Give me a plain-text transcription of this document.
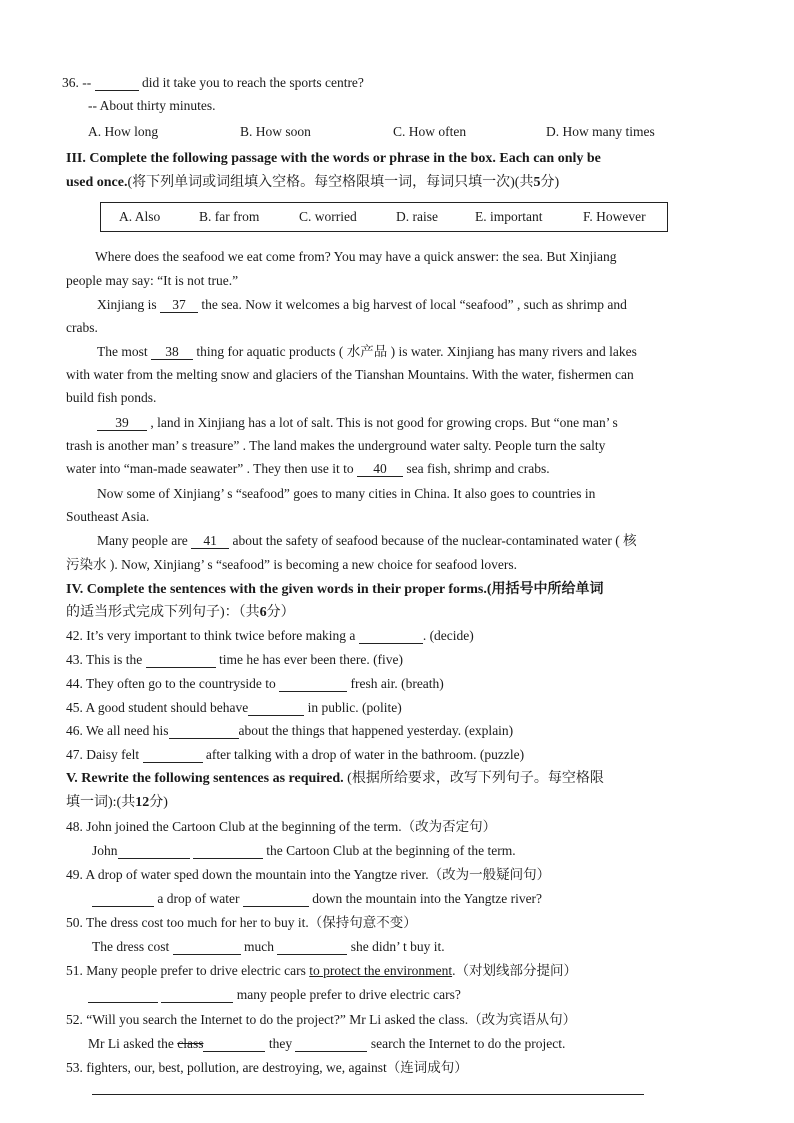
36. --	did it take you to reach the sports centre?
-- About thirty minutes.
A. How long	B. How soon	C. How often	D. How many times
III. Complete the following passage with the words or phrase in the box. Each can only be
used once.(将下列单词或词组填入空格。每空格限填一词，每词只填一次)(共5分)
A. Also	B. far from	C. worried	D. raise	E. important	F. However
Where does the seafood we eat come from? You may have a quick answer: the sea. But Xinjiang
people may say: “It is not true.”
Xinjiang is 37 the sea. Now it welcomes a big harvest of local “seafood” , such as shrimp and
crabs.
The most 38 thing for aquatic products ( 水产品 ) is water. Xinjiang has many rivers and lakes
with water from the melting snow and glaciers of the Tianshan Mountains. With the water, fishermen can
build fish ponds.
39 , land in Xinjiang has a lot of salt. This is not good for growing crops. But “one man’ s
trash is another man’ s treasure” . The land makes the underground water salty. People turn the salty
water into “man-made seawater” . They then use it to 40 sea fish, shrimp and crabs.
Now some of Xinjiang’ s “seafood” goes to many cities in China. It also goes to countries in
Southeast Asia.
Many people are 41 about the safety of seafood because of the nuclear-contaminated water ( 核
污染水 ). Now, Xinjiang’ s “seafood” is becoming a new choice for seafood lovers.
IV. Complete the sentences with the given words in their proper forms.(用括号中所给单词
的适当形式完成下列句子)：（共6分）
42. It’s very important to think twice before making a	. (decide)
43. This is the	time he has ever been there. (five)
44. They often go to the countryside to	fresh air. (breath)
45. A good student should behave	in public. (polite)
46. We all need his	about the things that happened yesterday. (explain)
47. Daisy felt	after talking with a drop of water in the bathroom. (puzzle)
V. Rewrite the following sentences as required. (根据所给要求，改写下列句子。每空格限
填一词):(共12分)
48. John joined the Cartoon Club at the beginning of the term.（改为否定句）
John	the Cartoon Club at the beginning of the term.
49. A drop of water sped down the mountain into the Yangtze river.（改为一般疑问句）
a drop of water	down the mountain into the Yangtze river?
50. The dress cost too much for her to buy it.（保持句意不变）
The dress cost	much	she didn’ t buy it.
51. Many people prefer to drive electric cars to protect the environment.（对划线部分提问）
many people prefer to drive electric cars?
52. “Will you search the Internet to do the project?” Mr Li asked the class.（改为宾语从句）
Mr Li asked the class	they	search the Internet to do the project.
53. fighters, our, best, pollution, are destroying, we, against（连词成句）
